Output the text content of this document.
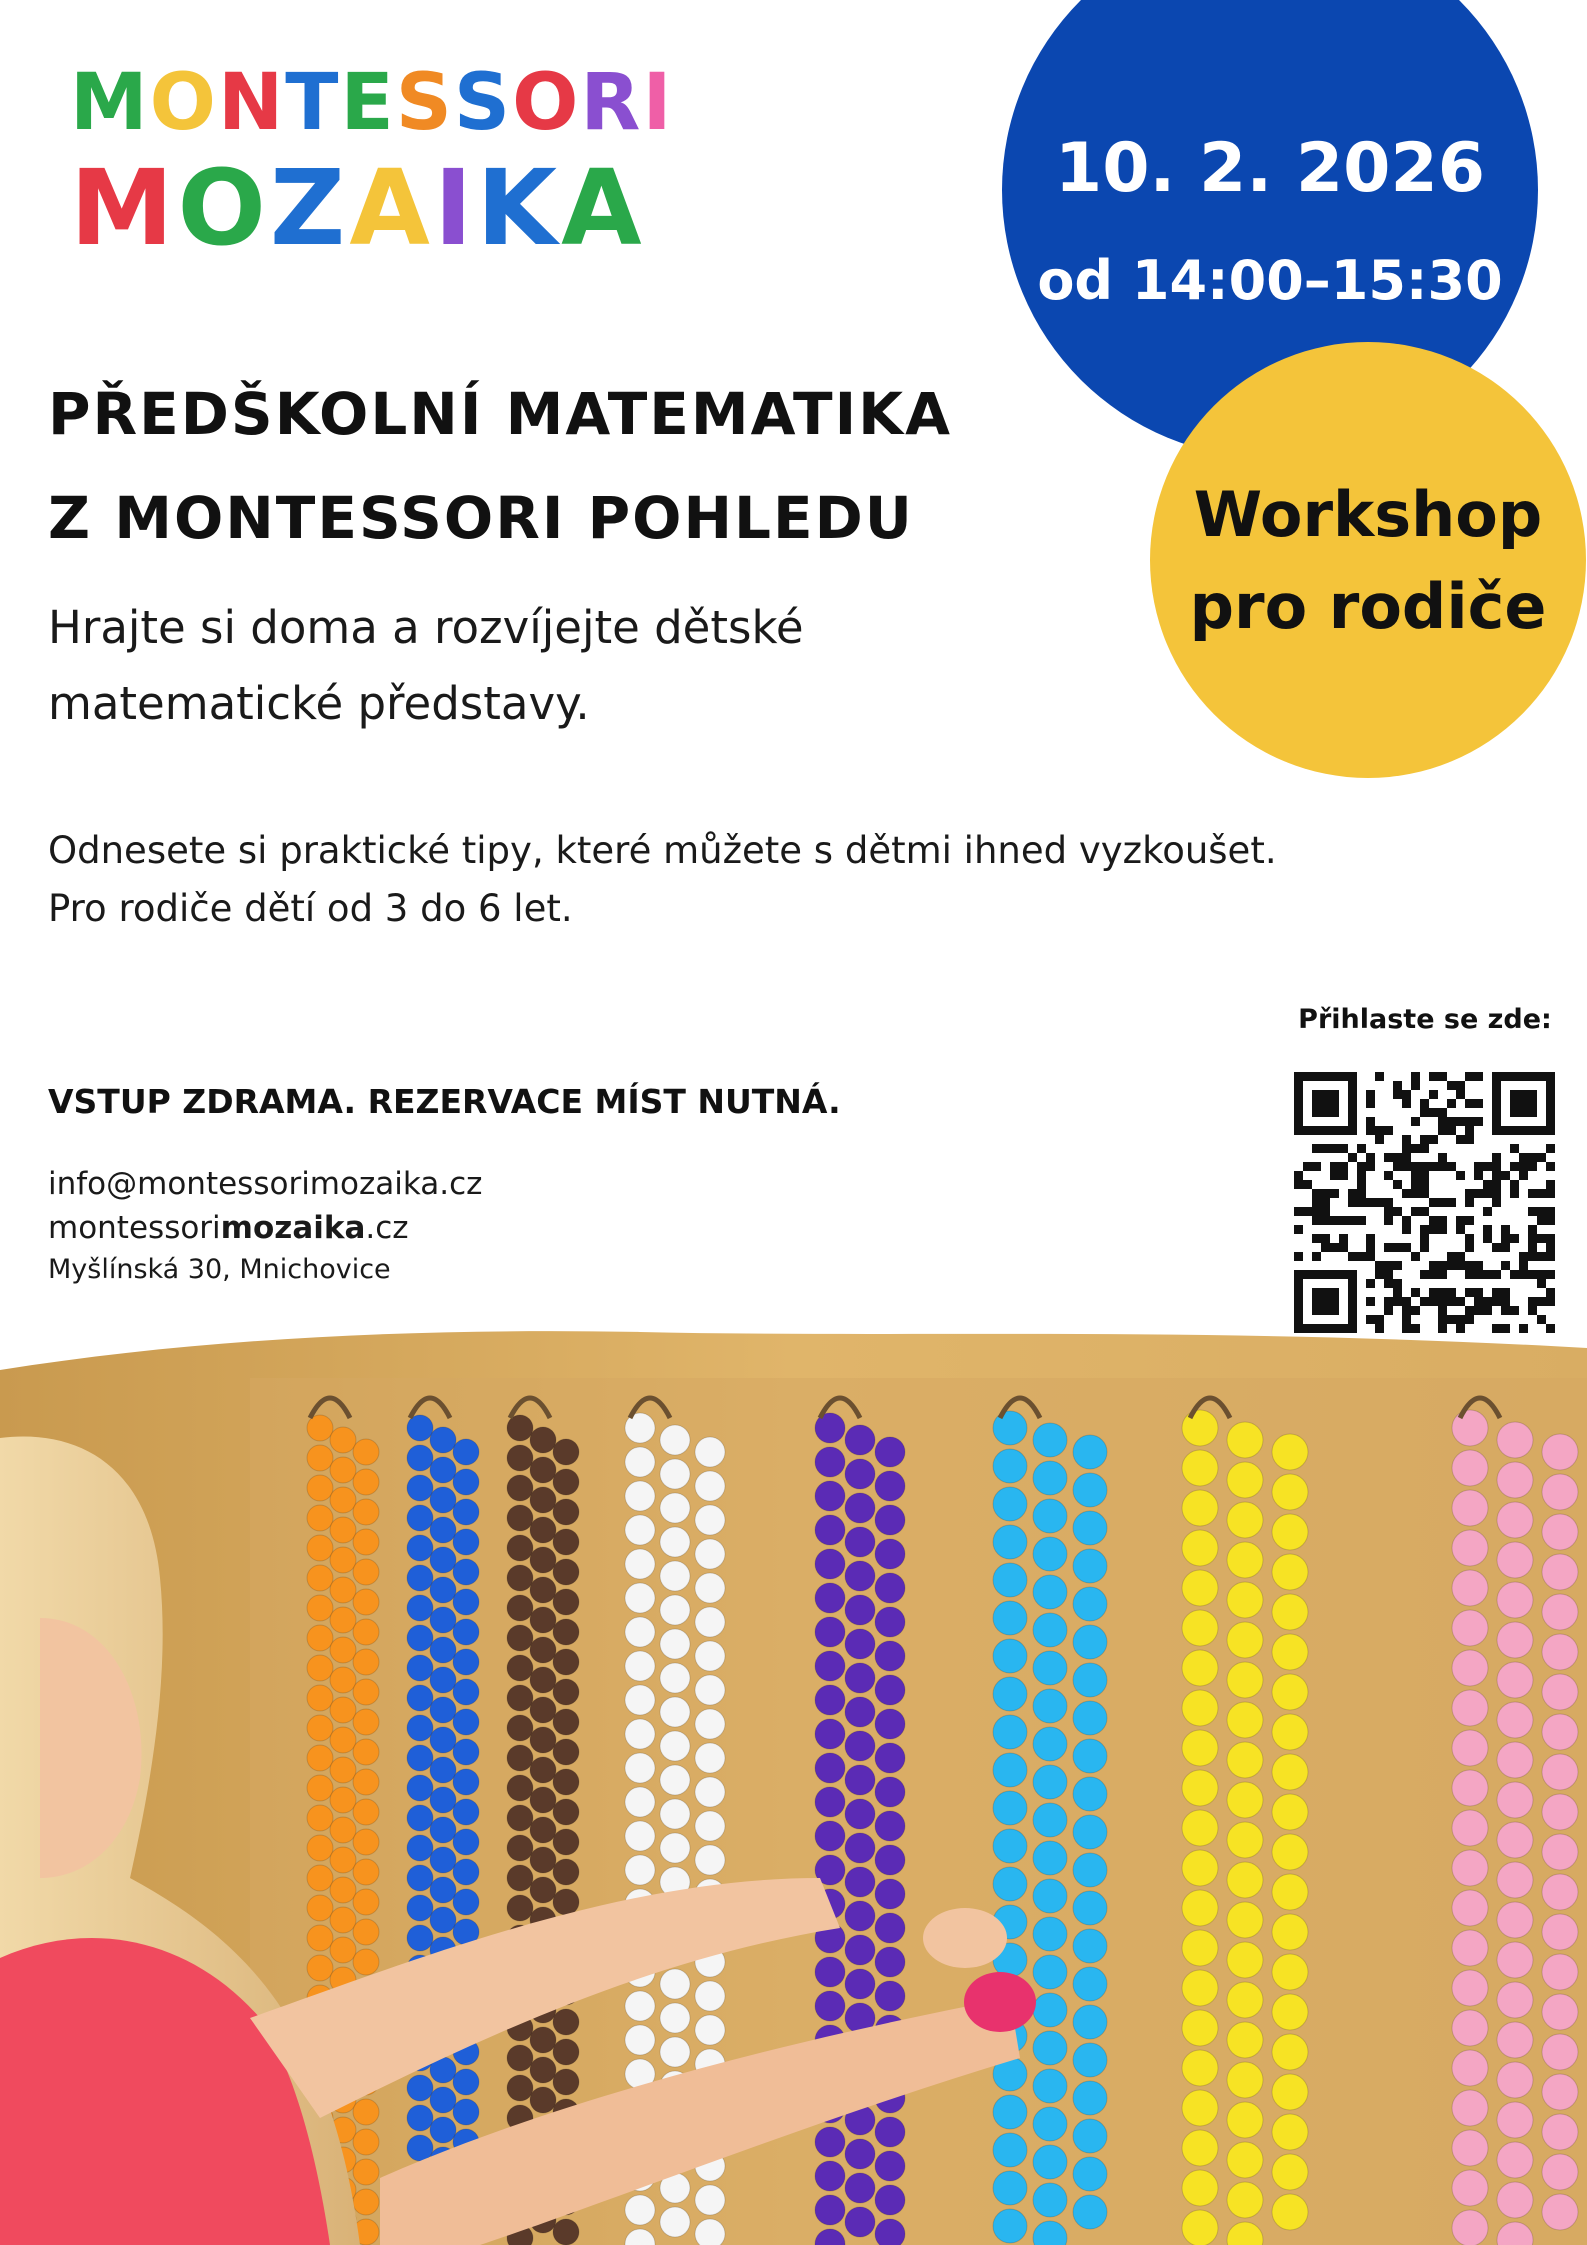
M O N T E S S O R I
M O Z A I K A	10. 2. 2026
od 14:00–15:30
Workshop
pro rodiče
PŘEDŠKOLNÍ MATEMATIKA
Z MONTESSORI POHLEDU
Hrajte si doma a rozvíjejte dětské
matematické představy.
Odnesete si praktické tipy, které můžete s dětmi ihned vyzkoušet.
Pro rodiče dětí od 3 do 6 let.
VSTUP ZDRAMA. REZERVACE MÍST NUTNÁ.
info@montessorimozaika.cz
montessorimozaika.cz
Myšlínská 30, Mnichovice
Přihlaste se zde:
